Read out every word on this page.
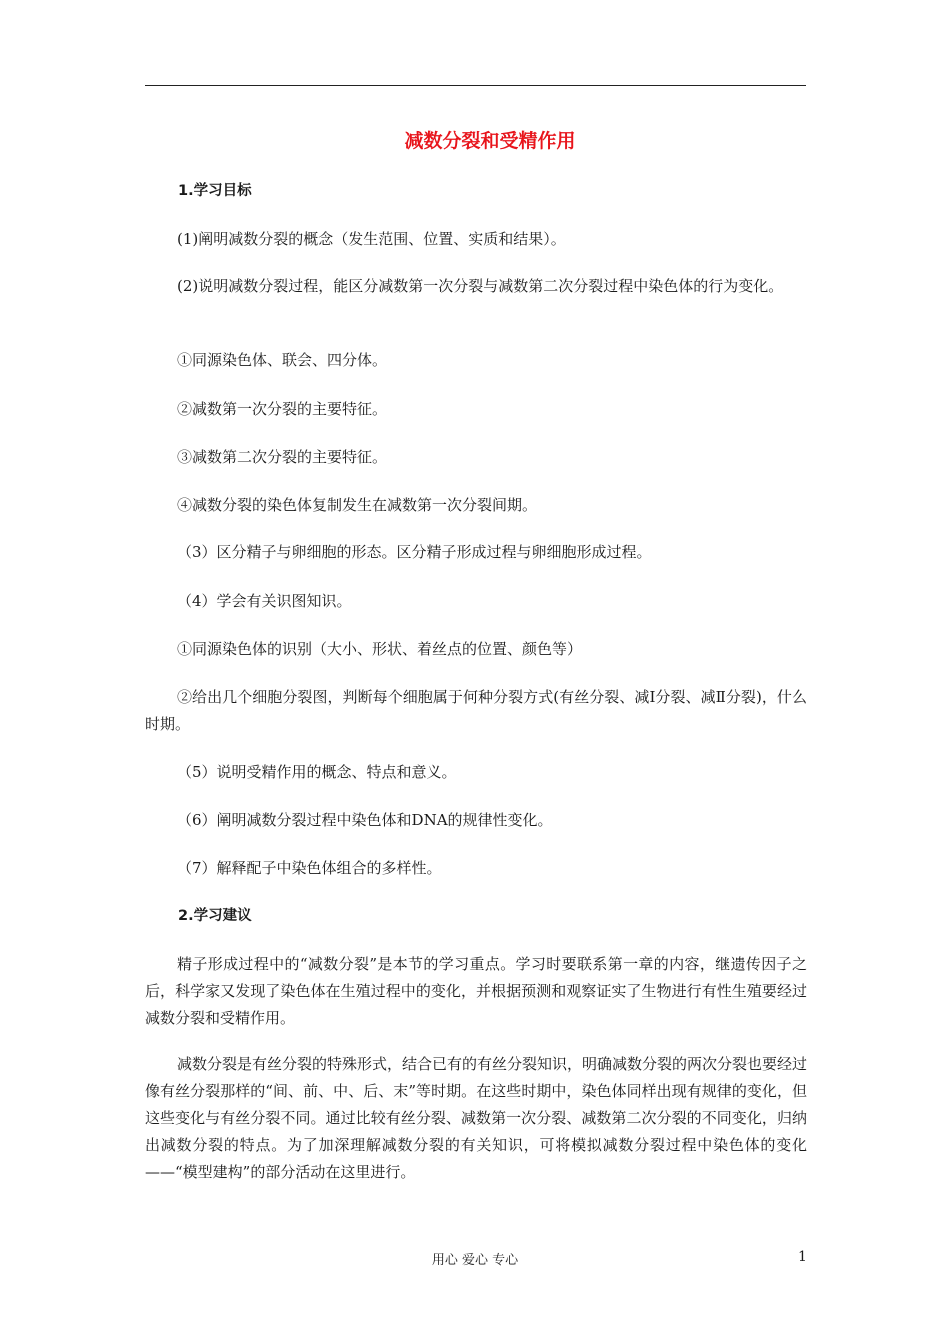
减数分裂和受精作用
1.学习目标
(1)阐明减数分裂的概念（发生范围、位置、实质和结果）。
(2)说明减数分裂过程，能区分减数第一次分裂与减数第二次分裂过程中染色体的行为变化。
①同源染色体、联会、四分体。
②减数第一次分裂的主要特征。
③减数第二次分裂的主要特征。
④减数分裂的染色体复制发生在减数第一次分裂间期。
（3）区分精子与卵细胞的形态。区分精子形成过程与卵细胞形成过程。
（4）学会有关识图知识。
①同源染色体的识别（大小、形状、着丝点的位置、颜色等）
②给出几个细胞分裂图，判断每个细胞属于何种分裂方式(有丝分裂、减Ⅰ分裂、减Ⅱ分裂)，什么时期。
（5）说明受精作用的概念、特点和意义。
（6）阐明减数分裂过程中染色体和DNA的规律性变化。
（7）解释配子中染色体组合的多样性。
2.学习建议
精子形成过程中的“减数分裂”是本节的学习重点。学习时要联系第一章的内容，继遗传因子之后，科学家又发现了染色体在生殖过程中的变化，并根据预测和观察证实了生物进行有性生殖要经过减数分裂和受精作用。
减数分裂是有丝分裂的特殊形式，结合已有的有丝分裂知识，明确减数分裂的两次分裂也要经过像有丝分裂那样的“间、前、中、后、末”等时期。在这些时期中，染色体同样出现有规律的变化，但这些变化与有丝分裂不同。通过比较有丝分裂、减数第一次分裂、减数第二次分裂的不同变化，归纳出减数分裂的特点。为了加深理解减数分裂的有关知识，可将模拟减数分裂过程中染色体的变化——“模型建构”的部分活动在这里进行。
用心 爱心 专心	1
